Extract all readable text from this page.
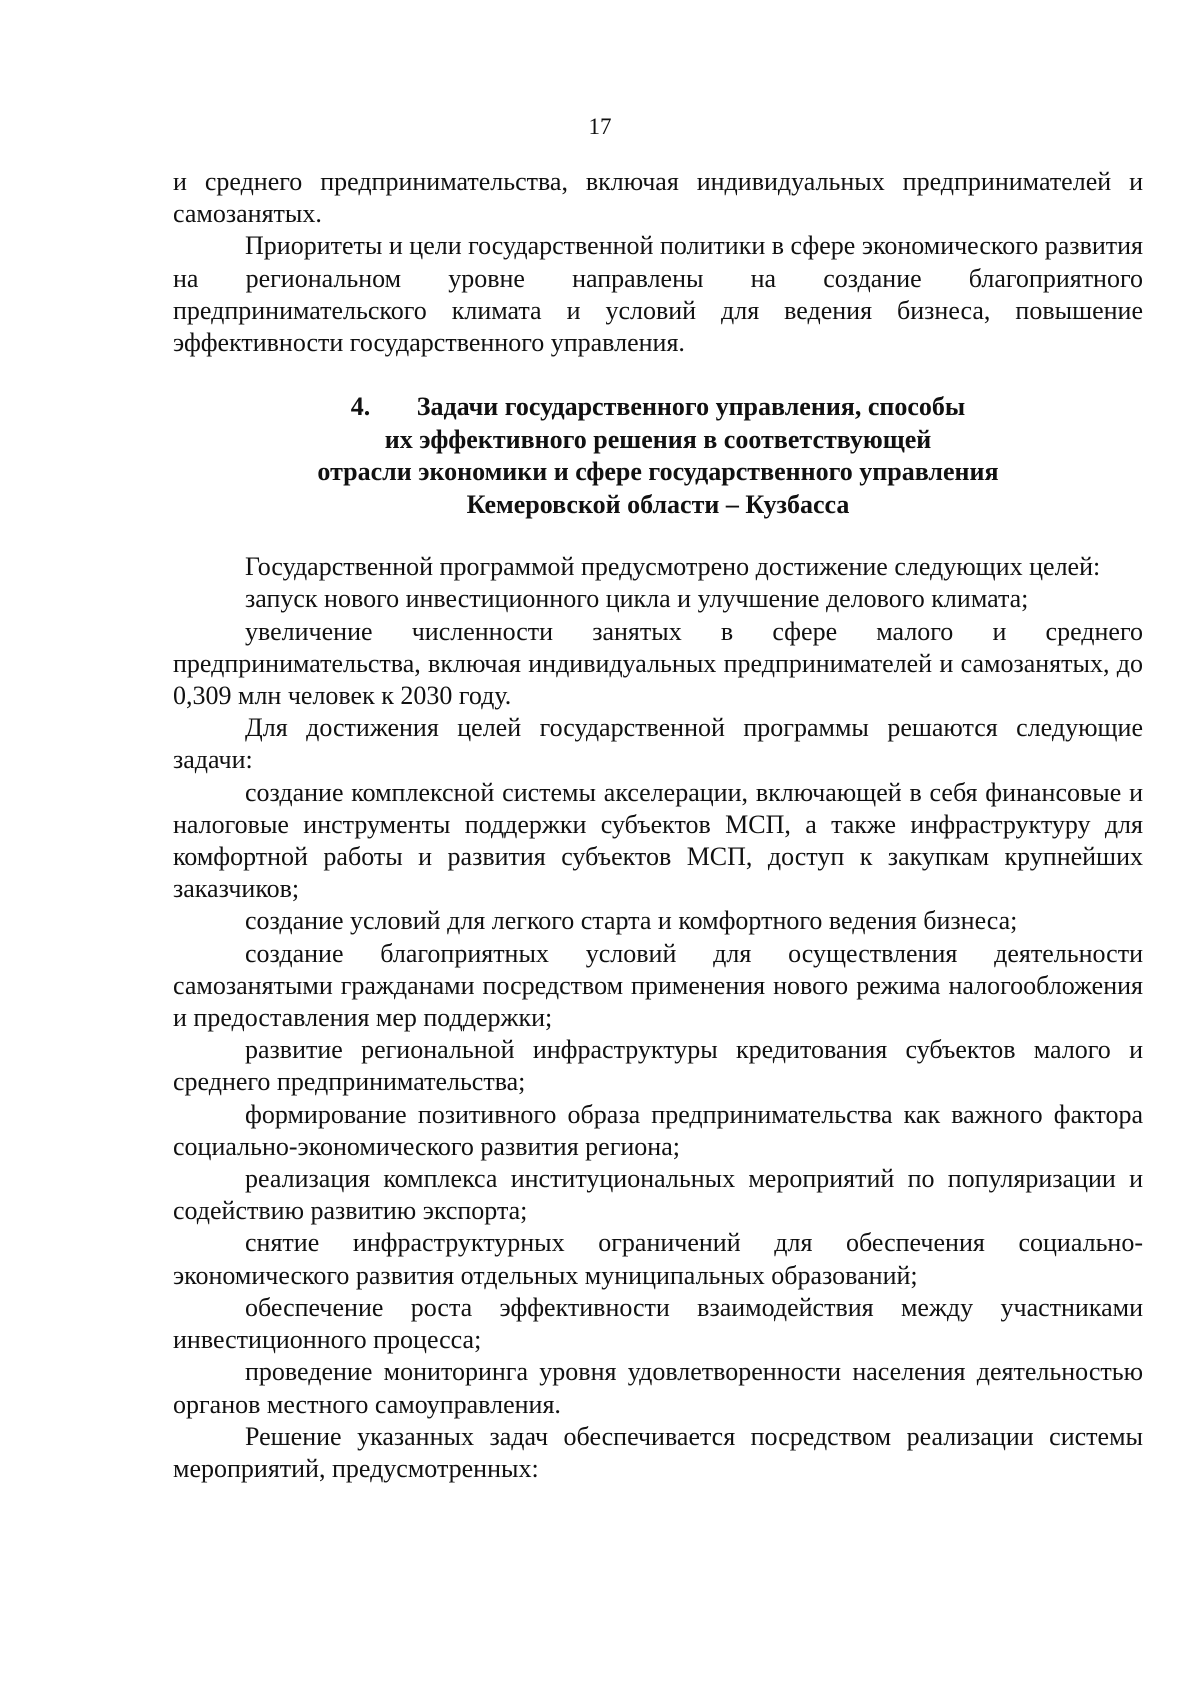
17

и среднего предпринимательства, включая индивидуальных предпринимателей и самозанятых.

Приоритеты и цели государственной политики в сфере экономического развития на региональном уровне направлены на создание благоприятного предпринимательского климата и условий для ведения бизнеса, повышение эффективности государственного управления.

4. Задачи государственного управления, способы
их эффективного решения в соответствующей
отрасли экономики и сфере государственного управления
Кемеровской области – Кузбасса

Государственной программой предусмотрено достижение следующих целей:

запуск нового инвестиционного цикла и улучшение делового климата;

увеличение численности занятых в сфере малого и среднего предпринимательства, включая индивидуальных предпринимателей и самозанятых, до 0,309 млн человек к 2030 году.

Для достижения целей государственной программы решаются следующие задачи:

создание комплексной системы акселерации, включающей в себя финансовые и налоговые инструменты поддержки субъектов МСП, а также инфраструктуру для комфортной работы и развития субъектов МСП, доступ к закупкам крупнейших заказчиков;

создание условий для легкого старта и комфортного ведения бизнеса;

создание благоприятных условий для осуществления деятельности самозанятыми гражданами посредством применения нового режима налогообложения и предоставления мер поддержки;

развитие региональной инфраструктуры кредитования субъектов малого и среднего предпринимательства;

формирование позитивного образа предпринимательства как важного фактора социально-экономического развития региона;

реализация комплекса институциональных мероприятий по популяризации и содействию развитию экспорта;

снятие инфраструктурных ограничений для обеспечения социально-экономического развития отдельных муниципальных образований;

обеспечение роста эффективности взаимодействия между участниками инвестиционного процесса;

проведение мониторинга уровня удовлетворенности населения деятельностью органов местного самоуправления.

Решение указанных задач обеспечивается посредством реализации системы мероприятий, предусмотренных:
